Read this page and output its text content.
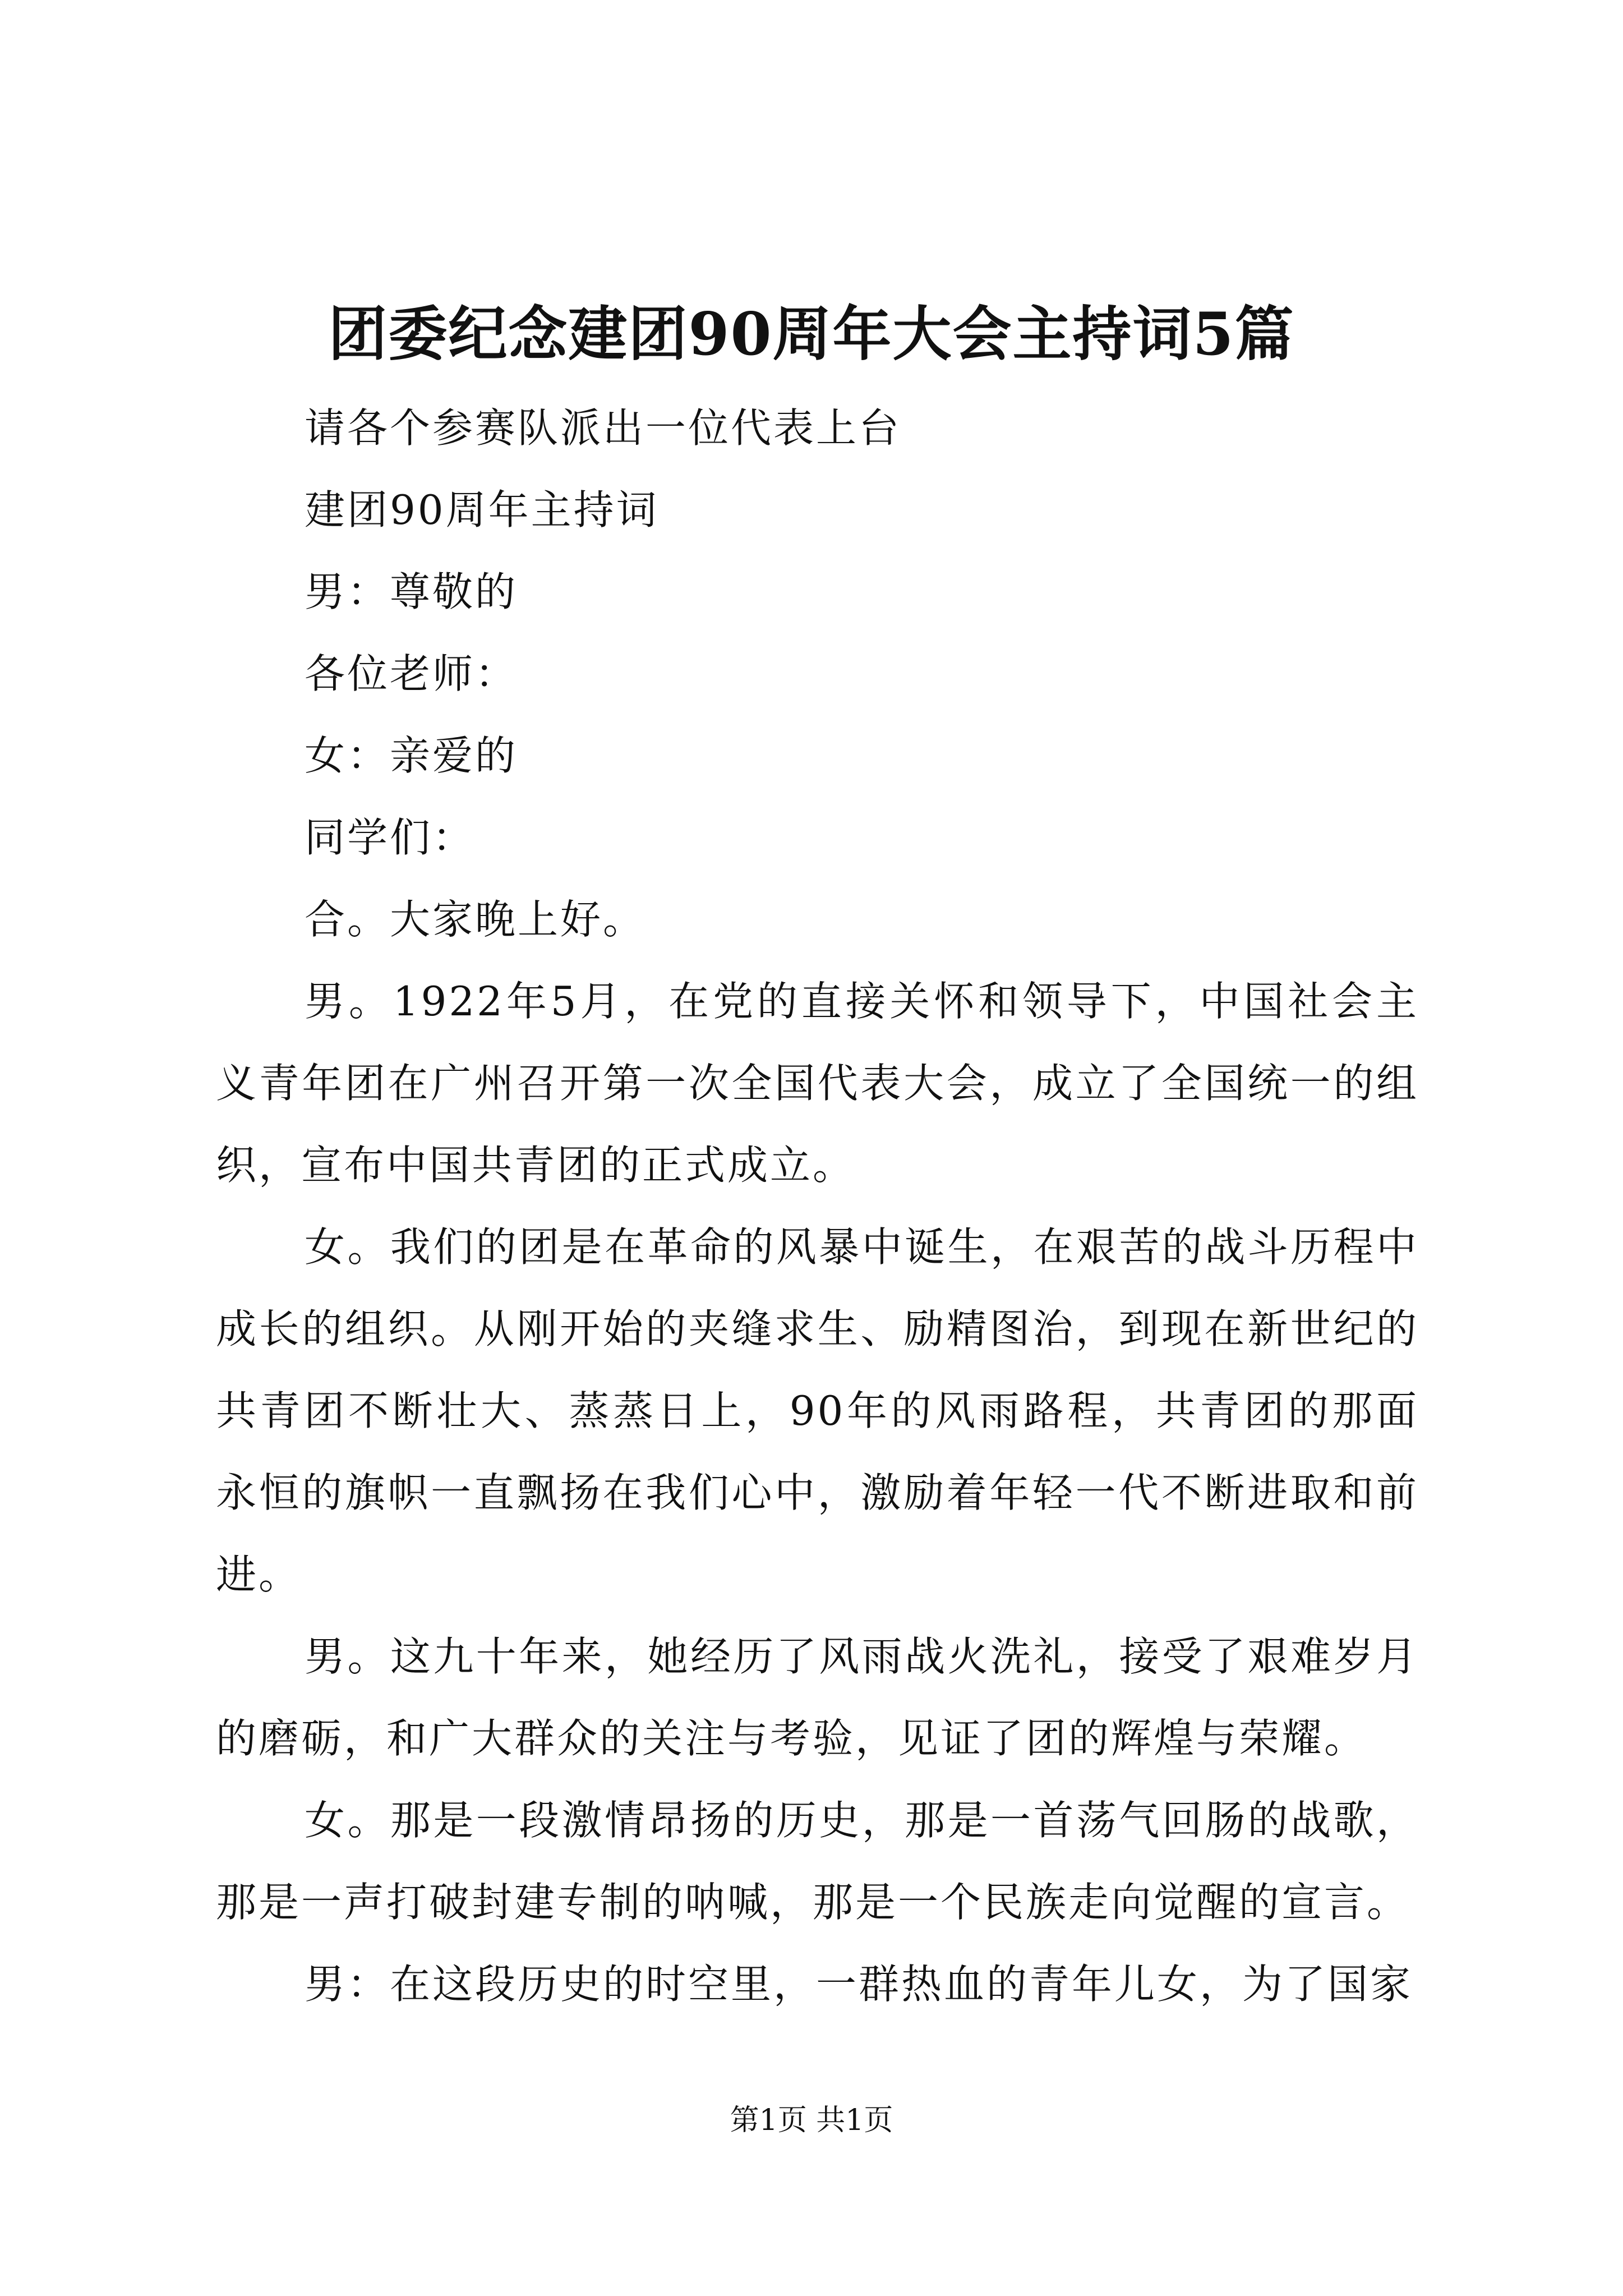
团委纪念建团90周年大会主持词5篇

请各个参赛队派出一位代表上台

建团90周年主持词

男：尊敬的

各位老师：

女：亲爱的

同学们：

合。大家晚上好。

男。1922年5月，在党的直接关怀和领导下，中国社会主义青年团在广州召开第一次全国代表大会，成立了全国统一的组织，宣布中国共青团的正式成立。

女。我们的团是在革命的风暴中诞生，在艰苦的战斗历程中成长的组织。从刚开始的夹缝求生、励精图治，到现在新世纪的共青团不断壮大、蒸蒸日上，90年的风雨路程，共青团的那面永恒的旗帜一直飘扬在我们心中，激励着年轻一代不断进取和前进。

男。这九十年来，她经历了风雨战火洗礼，接受了艰难岁月的磨砺，和广大群众的关注与考验，见证了团的辉煌与荣耀。

女。那是一段激情昂扬的历史，那是一首荡气回肠的战歌，那是一声打破封建专制的呐喊，那是一个民族走向觉醒的宣言。

男：在这段历史的时空里，一群热血的青年儿女，为了国家

第1页 共1页
